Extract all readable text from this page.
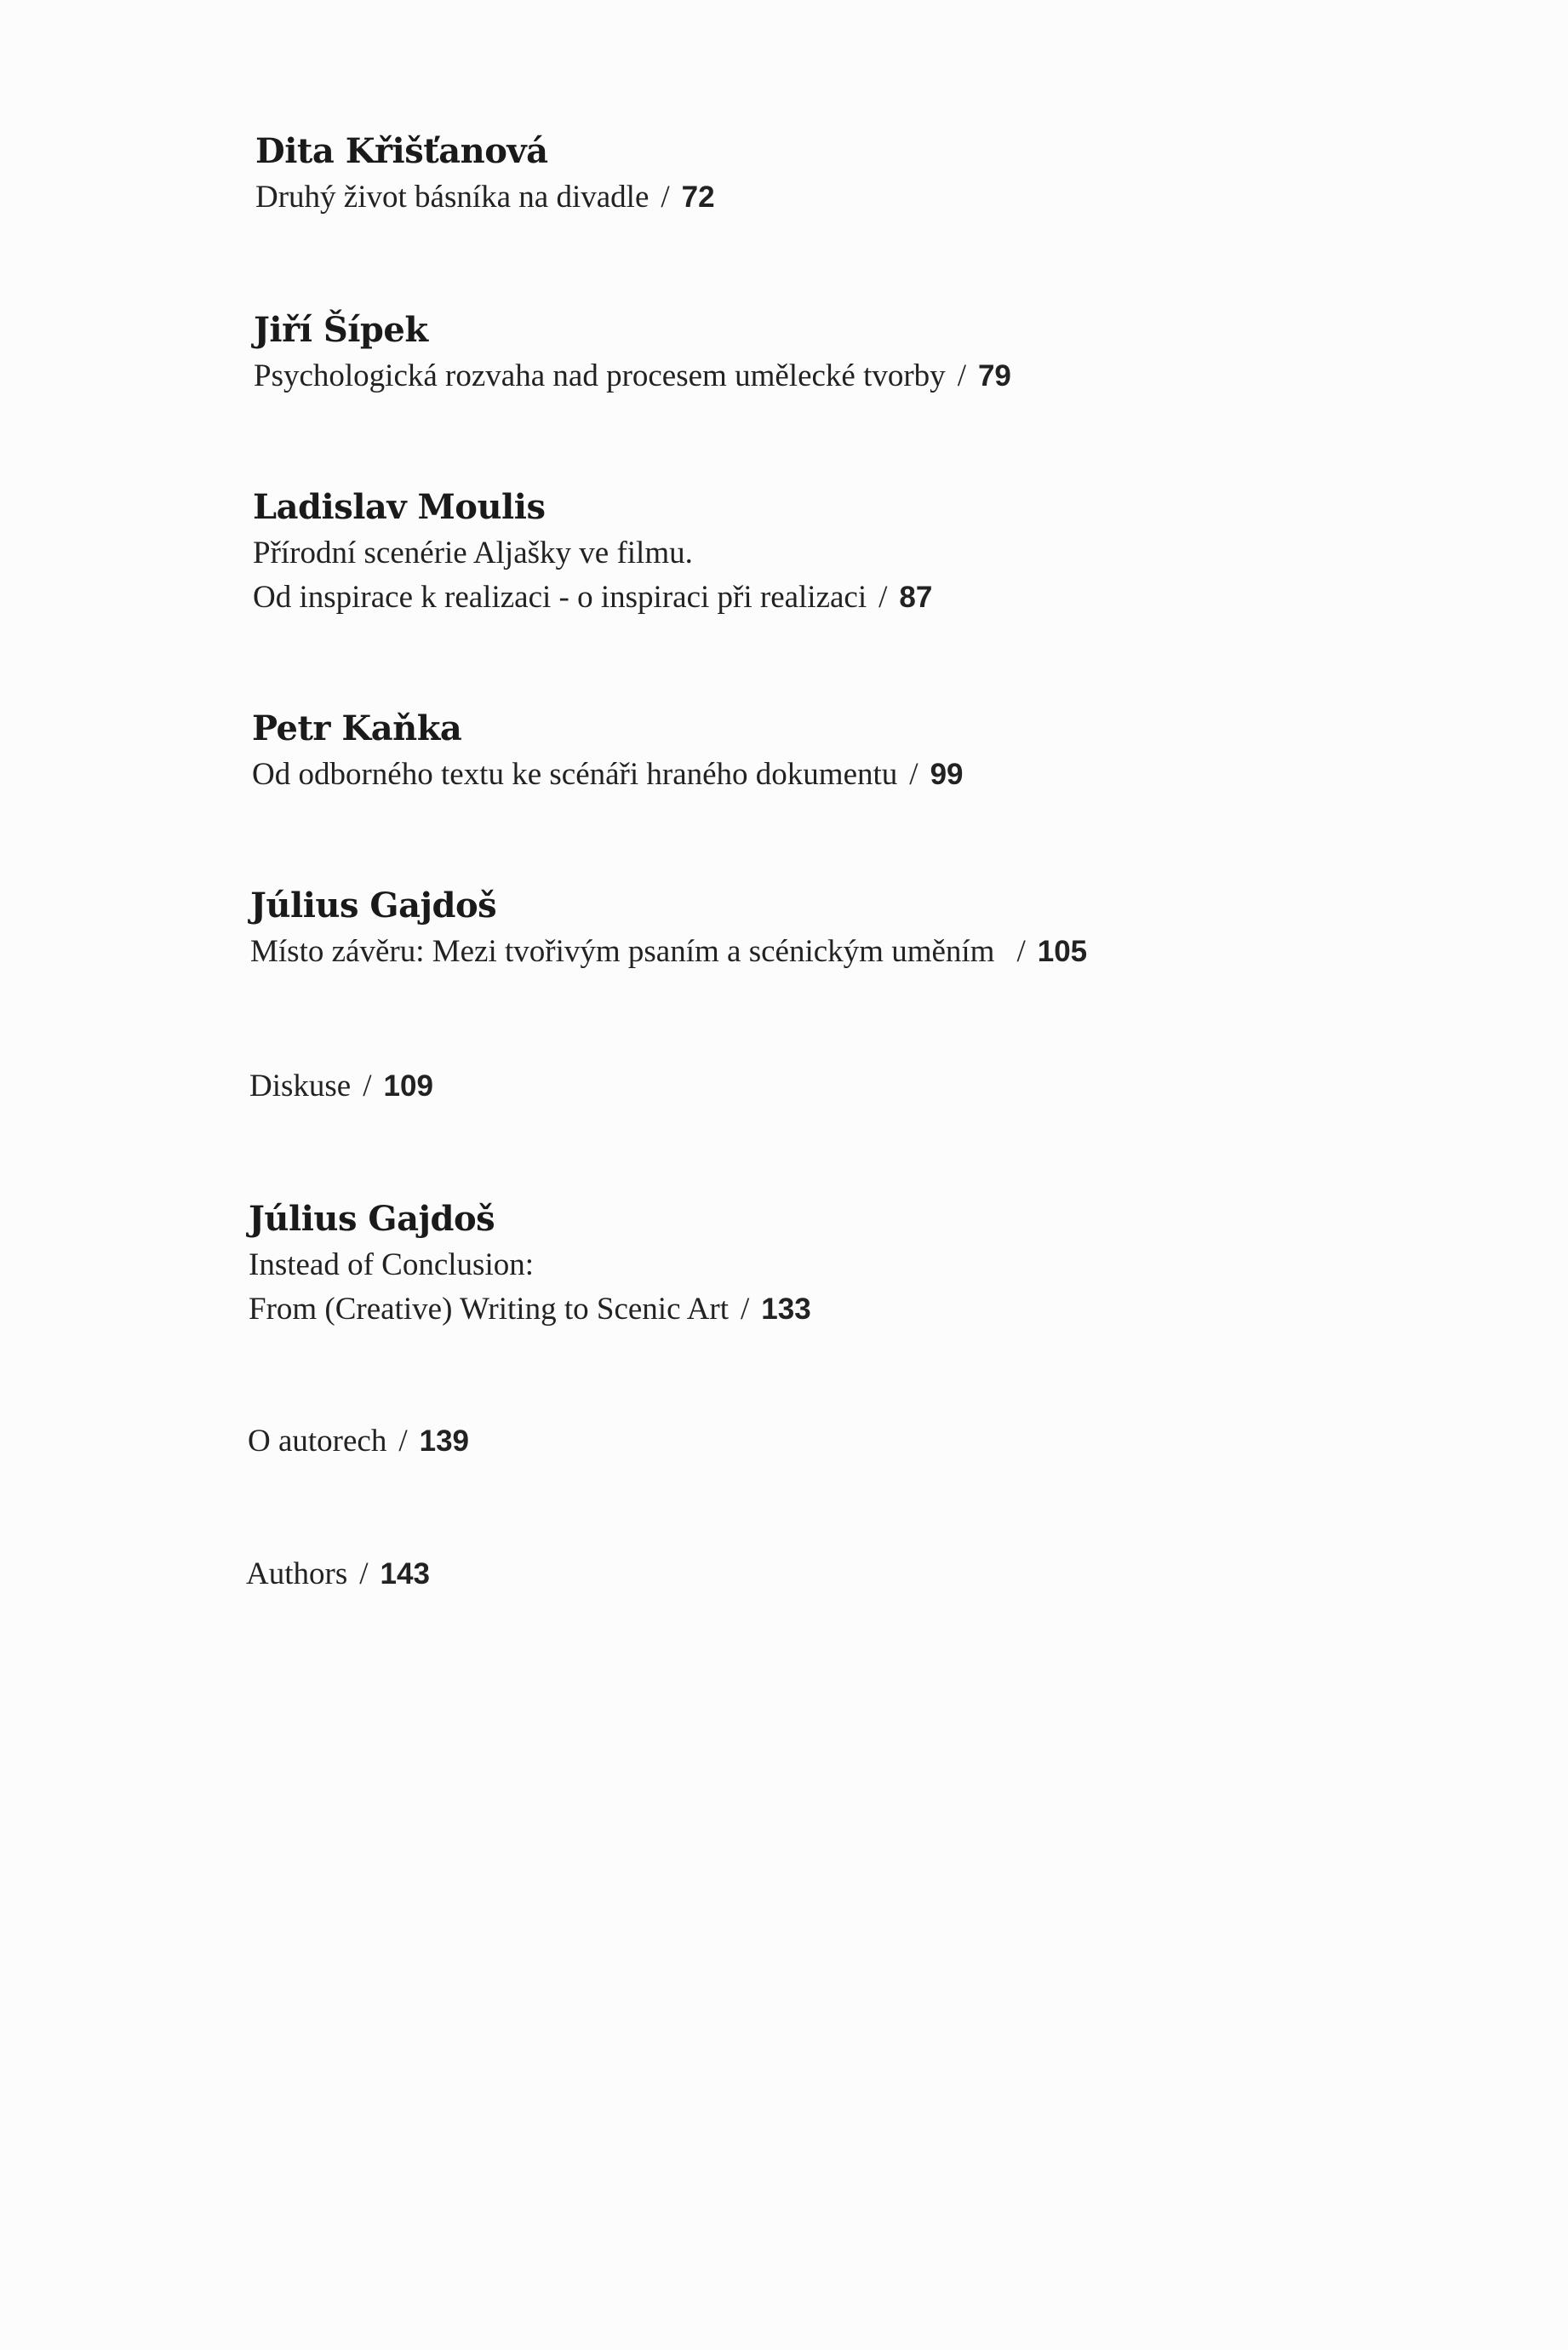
Dita Křišťanová
Druhý život básníka na divadle / 72
Jiří Šípek
Psychologická rozvaha nad procesem umělecké tvorby / 79
Ladislav Moulis
Přírodní scenérie Aljašky ve filmu.
Od inspirace k realizaci - o inspiraci při realizaci / 87
Petr Kaňka
Od odborného textu ke scénáři hraného dokumentu / 99
Július Gajdoš
Místo závěru: Mezi tvořivým psaním a scénickým uměním / 105
Diskuse / 109
Július Gajdoš
Instead of Conclusion:
From (Creative) Writing to Scenic Art / 133
O autorech / 139
Authors / 143
